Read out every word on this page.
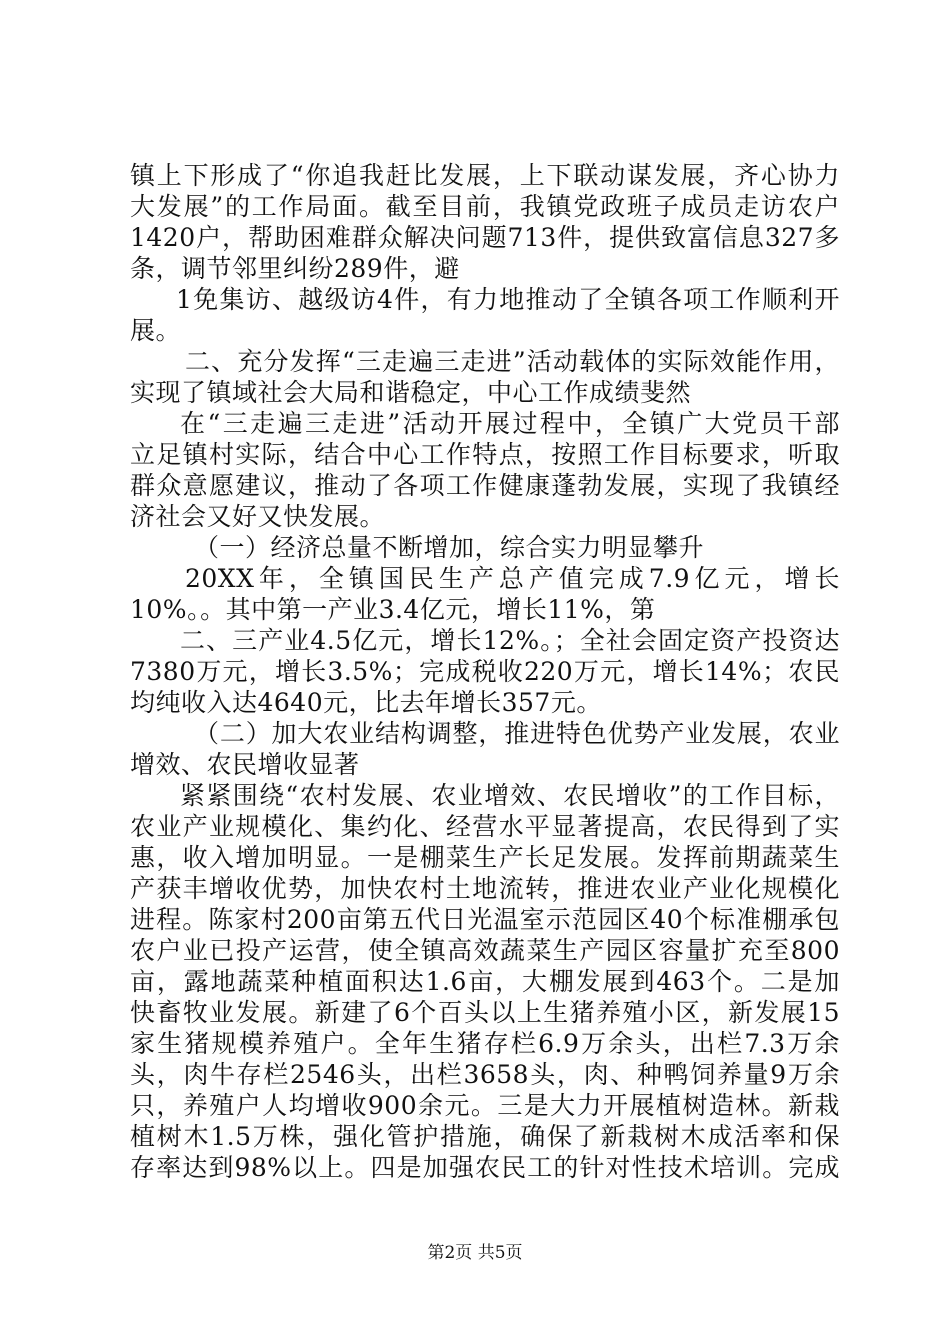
镇上下形成了“你追我赶比发展，上下联动谋发展，齐心协力
大发展”的工作局面。截至目前，我镇党政班子成员走访农户
1420户，帮助困难群众解决问题713件，提供致富信息327多
条，调节邻里纠纷289件，避
1免集访、越级访4件，有力地推动了全镇各项工作顺利开
展。
二、充分发挥“三走遍三走进”活动载体的实际效能作用，
实现了镇域社会大局和谐稳定，中心工作成绩斐然
在“三走遍三走进”活动开展过程中，全镇广大党员干部
立足镇村实际，结合中心工作特点，按照工作目标要求，听取
群众意愿建议，推动了各项工作健康蓬勃发展，实现了我镇经
济社会又好又快发展。
（一）经济总量不断增加，综合实力明显攀升
20XX年，全镇国民生产总产值完成7.9亿元，增长
10%。。其中第一产业3.4亿元，增长11%，第
二、三产业4.5亿元，增长12%。；全社会固定资产投资达
7380万元，增长3.5%；完成税收220万元，增长14%；农民
均纯收入达4640元，比去年增长357元。
（二）加大农业结构调整，推进特色优势产业发展，农业
增效、农民增收显著
紧紧围绕“农村发展、农业增效、农民增收”的工作目标，
农业产业规模化、集约化、经营水平显著提高，农民得到了实
惠，收入增加明显。一是棚菜生产长足发展。发挥前期蔬菜生
产获丰增收优势，加快农村土地流转，推进农业产业化规模化
进程。陈家村200亩第五代日光温室示范园区40个标准棚承包
农户业已投产运营，使全镇高效蔬菜生产园区容量扩充至800
亩，露地蔬菜种植面积达1.6亩，大棚发展到463个。二是加
快畜牧业发展。新建了6个百头以上生猪养殖小区，新发展15
家生猪规模养殖户。全年生猪存栏6.9万余头，出栏7.3万余
头，肉牛存栏2546头，出栏3658头，肉、种鸭饲养量9万余
只，养殖户人均增收900余元。三是大力开展植树造林。新栽
植树木1.5万株，强化管护措施，确保了新栽树木成活率和保
存率达到98%以上。四是加强农民工的针对性技术培训。完成
第2页 共5页
